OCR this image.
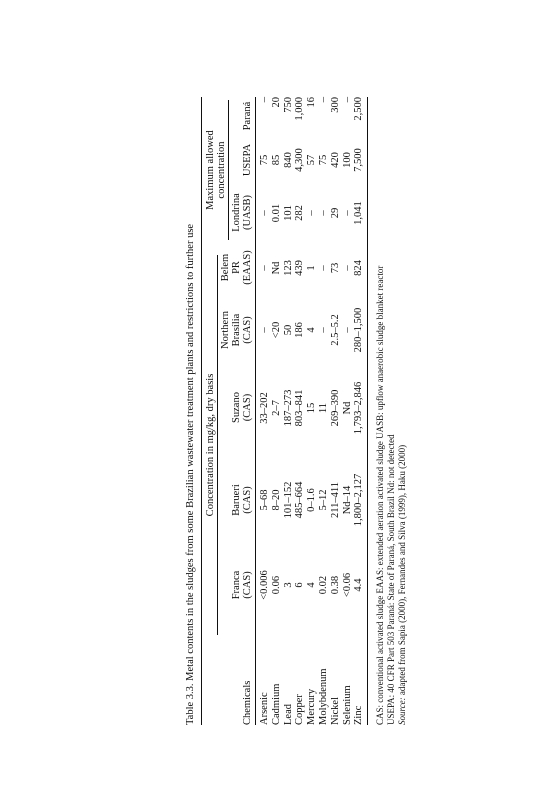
Table 3.3. Metal contents in the sludges from some Brazilian wastewater treatment plants and restrictions to further use Concentration in mg/kg, dry basis
Maximum allowed concentration
Chemicals
Franca (CAS)
Barueri (CAS)
Suzano (CAS)
Northern Brasília (CAS)
Belem PR (EAAS)
Londrina (UASB)
USEPA
Paraná
Arsenic
<0.006
5–68
33–202
–
–
–
75
–
Cadmium
0.06
8–20
2–7
<20
Nd
0.01
85
20
Lead
3
101–152
187–273
50
123
101
840
750
Copper
6
485–664
803–841
186
439
282
4,300
1,000
Mercury
4
0–1.6
15
4
1
–
57
16
Molybdenum
0.02
5–12
11
–
–
–
75
–
Nickel
0.38
211–411
269–390
2.5–5.2
73
29
420
300
Selenium
<0.06
Nd–14
Nd
–
–
–
100
–
Zinc
4.4
1,800–2,127
1,793–2,846
280–1,500
824
1,041
7,500
2,500
CAS: conventional activated sludge EAAS: extended aeration activated sludge UASB: upflow anaerobic sludge blanket reactor USEPA: 40 CFR Part 503 Paraná: State of Paraná, South Brazil Nd: not detected Source: adapted from Sapia (2000), Fernandes and Silva (1999), Haku (2000)
